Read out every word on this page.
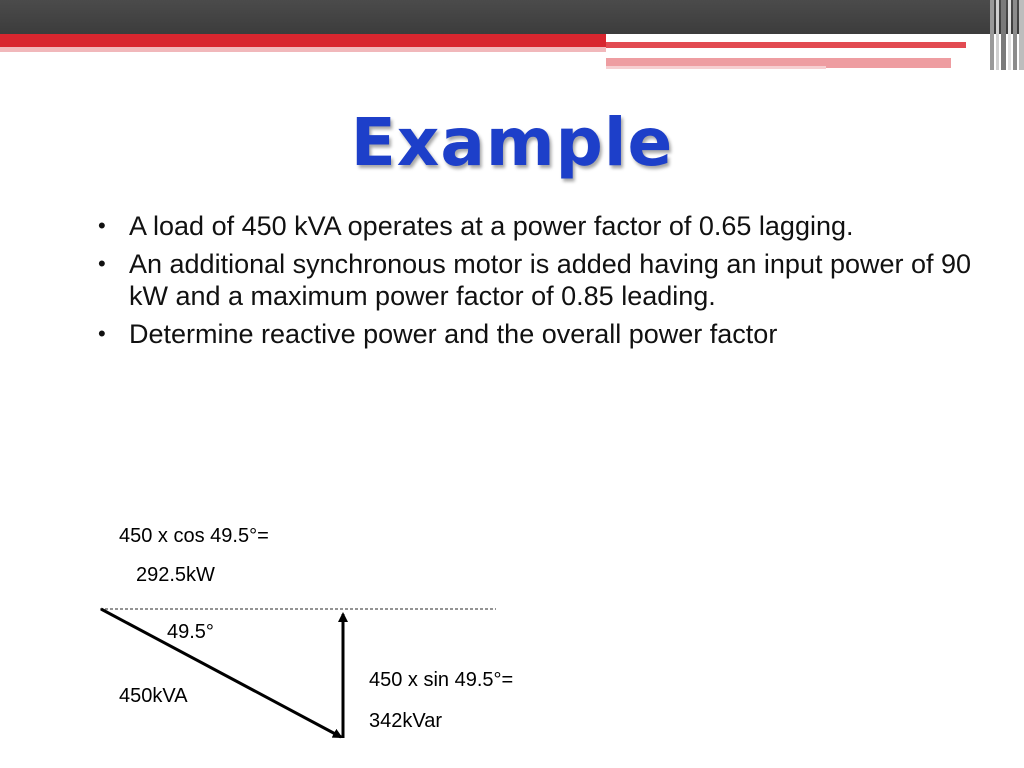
Example
• A load of 450 kVA operates at a power factor of 0.65 lagging.
• An additional synchronous motor is added having an input power of 90 kW and a maximum power factor of 0.85 leading.
• Determine reactive power and the overall power factor
450 x cos 49.5°=
292.5kW
49.5°
450kVA
450 x sin 49.5°=
342kVar
